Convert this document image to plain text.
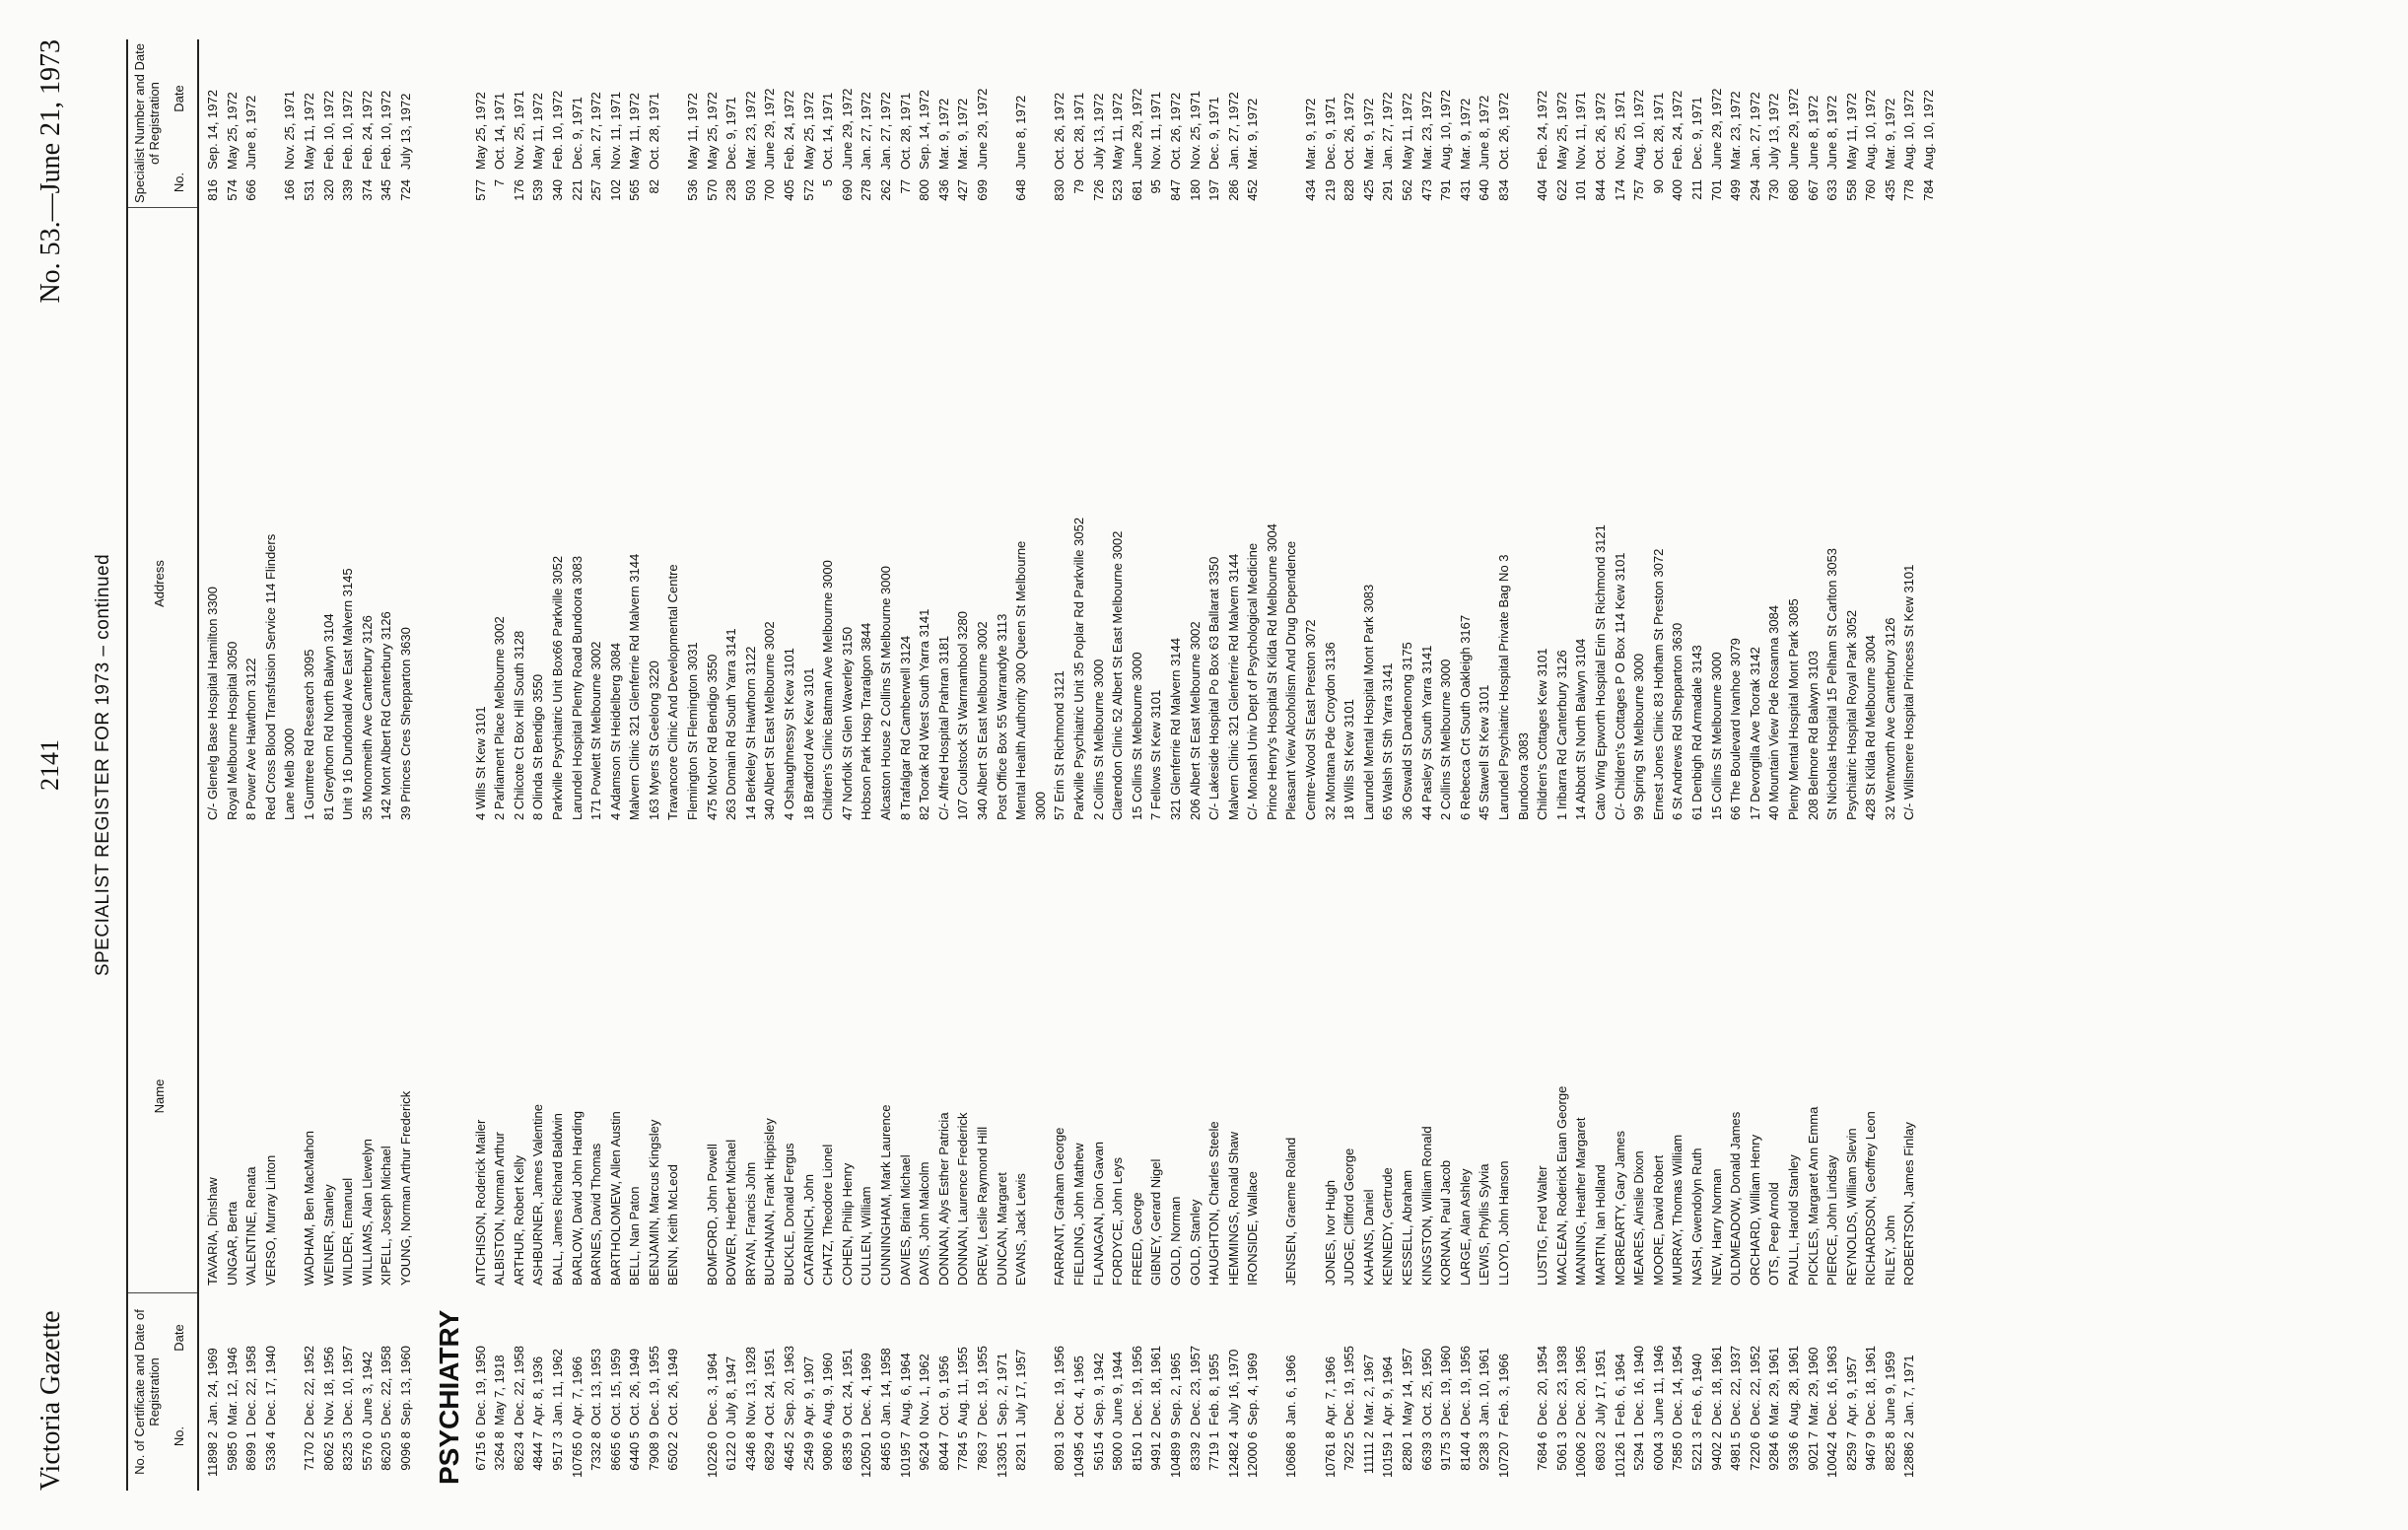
Victoria Gazette
2141
No. 53.—June 21, 1973
SPECIALIST REGISTER FOR 1973 – continued
No. of Certificate and Date of Registration
No.
Date
Name
Address
Specialist Number and Date of Registration
No.
Date
11898 2
Jan. 24, 1969
TAVARIA, Dinshaw
C/- Glenelg Base Hospital Hamilton 3300
816
Sep. 14, 1972
5985 0
Mar. 12, 1946
UNGAR, Berta
Royal Melbourne Hospital 3050
574
May 25, 1972
8699 1
Dec. 22, 1958
VALENTINE, Renata
8 Power Ave Hawthorn 3122
666
June 8, 1972
5336 4
Dec. 17, 1940
VERSO, Murray Linton
Red Cross Blood Transfusion Service 114 Flinders Lane Melb 3000
166
Nov. 25, 1971
7170 2
Dec. 22, 1952
WADHAM, Ben MacMahon
1 Gumtree Rd Research 3095
531
May 11, 1972
8062 5
Nov. 18, 1956
WEINER, Stanley
81 Greythorn Rd North Balwyn 3104
320
Feb. 10, 1972
8325 3
Dec. 10, 1957
WILDER, Emanuel
Unit 9 16 Dundonald Ave East Malvern 3145
339
Feb. 10, 1972
5576 0
June 3, 1942
WILLIAMS, Alan Llewelyn
35 Monomeith Ave Canterbury 3126
374
Feb. 24, 1972
8620 5
Dec. 22, 1958
XIPELL, Joseph Michael
142 Mont Albert Rd Canterbury 3126
345
Feb. 10, 1972
9096 8
Sep. 13, 1960
YOUNG, Norman Arthur Frederick
39 Princes Cres Shepparton 3630
724
July 13, 1972
PSYCHIATRY 6715 6
Dec. 19, 1950
AITCHISON, Roderick Mailer
4 Wills St Kew 3101
577
May 25, 1972
3264 8
May 7, 1918
ALBISTON, Norman Arthur
2 Parliament Place Melbourne 3002
7
Oct. 14, 1971
8623 4
Dec. 22, 1958
ARTHUR, Robert Kelly
2 Chilcote Ct Box Hill South 3128
176
Nov. 25, 1971
4844 7
Apr. 8, 1936
ASHBURNER, James Valentine
8 Olinda St Bendigo 3550
539
May 11, 1972
9517 3
Jan. 11, 1962
BALL, James Richard Baldwin
Parkville Psychiatric Unit Box66 Parkville 3052
340
Feb. 10, 1972
10765 0
Apr. 7, 1966
BARLOW, David John Harding
Larundel Hospital Plenty Road Bundoora 3083
221
Dec. 9, 1971
7332 8
Oct. 13, 1953
BARNES, David Thomas
171 Powlett St Melbourne 3002
257
Jan. 27, 1972
8665 6
Oct. 15, 1959
BARTHOLOMEW, Allen Austin
4 Adamson St Heidelberg 3084
102
Nov. 11, 1971
6440 5
Oct. 26, 1949
BELL, Nan Paton
Malvern Clinic 321 Glenferrie Rd Malvern 3144
565
May 11, 1972
7908 9
Dec. 19, 1955
BENJAMIN, Marcus Kingsley
163 Myers St Geelong 3220
82
Oct. 28, 1971
6502 2
Oct. 26, 1949
BENN, Keith McLeod
Travancore Clinic And Developmental Centre Flemington St Flemington 3031
536
May 11, 1972
10226 0
Dec. 3, 1964
BOMFORD, John Powell
475 McIvor Rd Bendigo 3550
570
May 25, 1972
6122 0
July 8, 1947
BOWER, Herbert Michael
263 Domain Rd South Yarra 3141
238
Dec. 9, 1971
4346 8
Nov. 13, 1928
BRYAN, Francis John
14 Berkeley St Hawthorn 3122
503
Mar. 23, 1972
6829 4
Oct. 24, 1951
BUCHANAN, Frank Hippisley
340 Albert St East Melbourne 3002
700
June 29, 1972
4645 2
Sep. 20, 1963
BUCKLE, Donald Fergus
4 Oshaughnessy St Kew 3101
405
Feb. 24, 1972
2549 9
Apr. 9, 1907
CATARINICH, John
18 Bradford Ave Kew 3101
572
May 25, 1972
9080 6
Aug. 9, 1960
CHATZ, Theodore Lionel
Children's Clinic Batman Ave Melbourne 3000
5
Oct. 14, 1971
6835 9
Oct. 24, 1951
COHEN, Philip Henry
47 Norfolk St Glen Waverley 3150
690
June 29, 1972
12050 1
Dec. 4, 1969
CULLEN, William
Hobson Park Hosp Traralgon 3844
278
Jan. 27, 1972
8465 0
Jan. 14, 1958
CUNNINGHAM, Mark Laurence
Alcaston House 2 Collins St Melbourne 3000
262
Jan. 27, 1972
10195 7
Aug. 6, 1964
DAVIES, Brian Michael
8 Trafalgar Rd Camberwell 3124
77
Oct. 28, 1971
9624 0
Nov. 1, 1962
DAVIS, John Malcolm
82 Toorak Rd West South Yarra 3141
800
Sep. 14, 1972
8044 7
Oct. 9, 1956
DONNAN, Alys Esther Patricia
C/- Alfred Hospital Prahran 3181
436
Mar. 9, 1972
7784 5
Aug. 11, 1955
DONNAN, Laurence Frederick
107 Coulstock St Warrnambool 3280
427
Mar. 9, 1972
7863 7
Dec. 19, 1955
DREW, Leslie Raymond Hill
340 Albert St East Melbourne 3002
699
June 29, 1972
13305 1
Sep. 2, 1971
DUNCAN, Margaret
Post Office Box 55 Warrandyte 3113
8291 1
July 17, 1957
EVANS, Jack Lewis
Mental Health Authority 300 Queen St Melbourne
648
June 8, 1972
3000
8091 3
Dec. 19, 1956
FARRANT, Graham George
57 Erin St Richmond 3121
830
Oct. 26, 1972
10495 4
Oct. 4, 1965
FIELDING, John Mathew
Parkville Psychiatric Unit 35 Poplar Rd Parkville 3052
79
Oct. 28, 1971
5615 4
Sep. 9, 1942
FLANAGAN, Dion Gavan
2 Collins St Melbourne 3000
726
July 13, 1972
5800 0
June 9, 1944
FORDYCE, John Leys
Clarendon Clinic 52 Albert St East Melbourne 3002
523
May 11, 1972
8150 1
Dec. 19, 1956
FREED, George
15 Collins St Melbourne 3000
681
June 29, 1972
9491 2
Dec. 18, 1961
GIBNEY, Gerard Nigel
7 Fellows St Kew 3101
95
Nov. 11, 1971
10489 9
Sep. 2, 1965
GOLD, Norman
321 Glenferrie Rd Malvern 3144
847
Oct. 26, 1972
8339 2
Dec. 23, 1957
GOLD, Stanley
206 Albert St East Melbourne 3002
180
Nov. 25, 1971
7719 1
Feb. 8, 1955
HAUGHTON, Charles Steele
C/- Lakeside Hospital Po Box 63 Ballarat 3350
197
Dec. 9, 1971
12482 4
July 16, 1970
HEMMINGS, Ronald Shaw
Malvern Clinic 321 Glenferrie Rd Malvern 3144
286
Jan. 27, 1972
12000 6
Sep. 4, 1969
IRONSIDE, Wallace
C/- Monash Univ Dept of Psychological Medicine
452
Mar. 9, 1972
Prince Henry's Hospital St Kilda Rd Melbourne 3004
10686 8
Jan. 6, 1966
JENSEN, Graeme Roland
Pleasant View Alcoholism And Drug Dependence Centre-Wood St East Preston 3072
434
Mar. 9, 1972
10761 8
Apr. 7, 1966
JONES, Ivor Hugh
32 Montana Pde Croydon 3136
219
Dec. 9, 1971
7922 5
Dec. 19, 1955
JUDGE, Clifford George
18 Wills St Kew 3101
828
Oct. 26, 1972
11111 2
Mar. 2, 1967
KAHANS, Daniel
Larundel Mental Hospital Mont Park 3083
425
Mar. 9, 1972
10159 1
Apr. 9, 1964
KENNEDY, Gertrude
65 Walsh St Sth Yarra 3141
291
Jan. 27, 1972
8280 1
May 14, 1957
KESSELL, Abraham
36 Oswald St Dandenong 3175
562
May 11, 1972
6639 3
Oct. 25, 1950
KINGSTON, William Ronald
44 Pasley St South Yarra 3141
473
Mar. 23, 1972
9175 3
Dec. 19, 1960
KORNAN, Paul Jacob
2 Collins St Melbourne 3000
791
Aug. 10, 1972
8140 4
Dec. 19, 1956
LARGE, Alan Ashley
6 Rebecca Crt South Oakleigh 3167
431
Mar. 9, 1972
9238 3
Jan. 10, 1961
LEWIS, Phyllis Sylvia
45 Stawell St Kew 3101
640
June 8, 1972
10720 7
Feb. 3, 1966
LLOYD, John Hanson
Larundel Psychiatric Hospital Private Bag No 3
834
Oct. 26, 1972
Bundoora 3083
7684 6
Dec. 20, 1954
LUSTIG, Fred Walter
Children's Cottages Kew 3101
404
Feb. 24, 1972
5061 3
Dec. 23, 1938
MACLEAN, Roderick Euan George
1 Iribarra Rd Canterbury 3126
622
May 25, 1972
10606 2
Dec. 20, 1965
MANNING, Heather Margaret
14 Abbott St North Balwyn 3104
101
Nov. 11, 1971
6803 2
July 17, 1951
MARTIN, Ian Holland
Cato Wing Epworth Hospital Erin St Richmond 3121
844
Oct. 26, 1972
10126 1
Feb. 6, 1964
MCBREARTY, Gary James
C/- Children's Cottages P O Box 114 Kew 3101
174
Nov. 25, 1971
5294 1
Dec. 16, 1940
MEARES, Ainslie Dixon
99 Spring St Melbourne 3000
757
Aug. 10, 1972
6004 3
June 11, 1946
MOORE, David Robert
Ernest Jones Clinic 83 Hotham St Preston 3072
90
Oct. 28, 1971
7585 0
Dec. 14, 1954
MURRAY, Thomas William
6 St Andrews Rd Shepparton 3630
400
Feb. 24, 1972
5221 3
Feb. 6, 1940
NASH, Gwendolyn Ruth
61 Denbigh Rd Armadale 3143
211
Dec. 9, 1971
9402 2
Dec. 18, 1961
NEW, Harry Norman
15 Collins St Melbourne 3000
701
June 29, 1972
4981 5
Dec. 22, 1937
OLDMEADOW, Donald James
66 The Boulevard Ivanhoe 3079
499
Mar. 23, 1972
7220 6
Dec. 22, 1952
ORCHARD, William Henry
17 Devorgilla Ave Toorak 3142
294
Jan. 27, 1972
9284 6
Mar. 29, 1961
OTS, Peep Arnold
40 Mountain View Pde Rosanna 3084
730
July 13, 1972
9336 6
Aug. 28, 1961
PAULL, Harold Stanley
Plenty Mental Hospital Mont Park 3085
680
June 29, 1972
9021 7
Mar. 29, 1960
PICKLES, Margaret Ann Emma
208 Belmore Rd Balwyn 3103
667
June 8, 1972
10042 4
Dec. 16, 1963
PIERCE, John Lindsay
St Nicholas Hospital 15 Pelham St Carlton 3053
633
June 8, 1972
8259 7
Apr. 9, 1957
REYNOLDS, William Slevin
Psychiatric Hospital Royal Park 3052
558
May 11, 1972
9467 9
Dec. 18, 1961
RICHARDSON, Geoffrey Leon
428 St Kilda Rd Melbourne 3004
760
Aug. 10, 1972
8825 8
June 9, 1959
RILEY, John
32 Wentworth Ave Canterbury 3126
435
Mar. 9, 1972
12886 2
Jan. 7, 1971
ROBERTSON, James Finlay
C/- Willsmere Hospital Princess St Kew 3101
778
Aug. 10, 1972
784
Aug. 10, 1972
